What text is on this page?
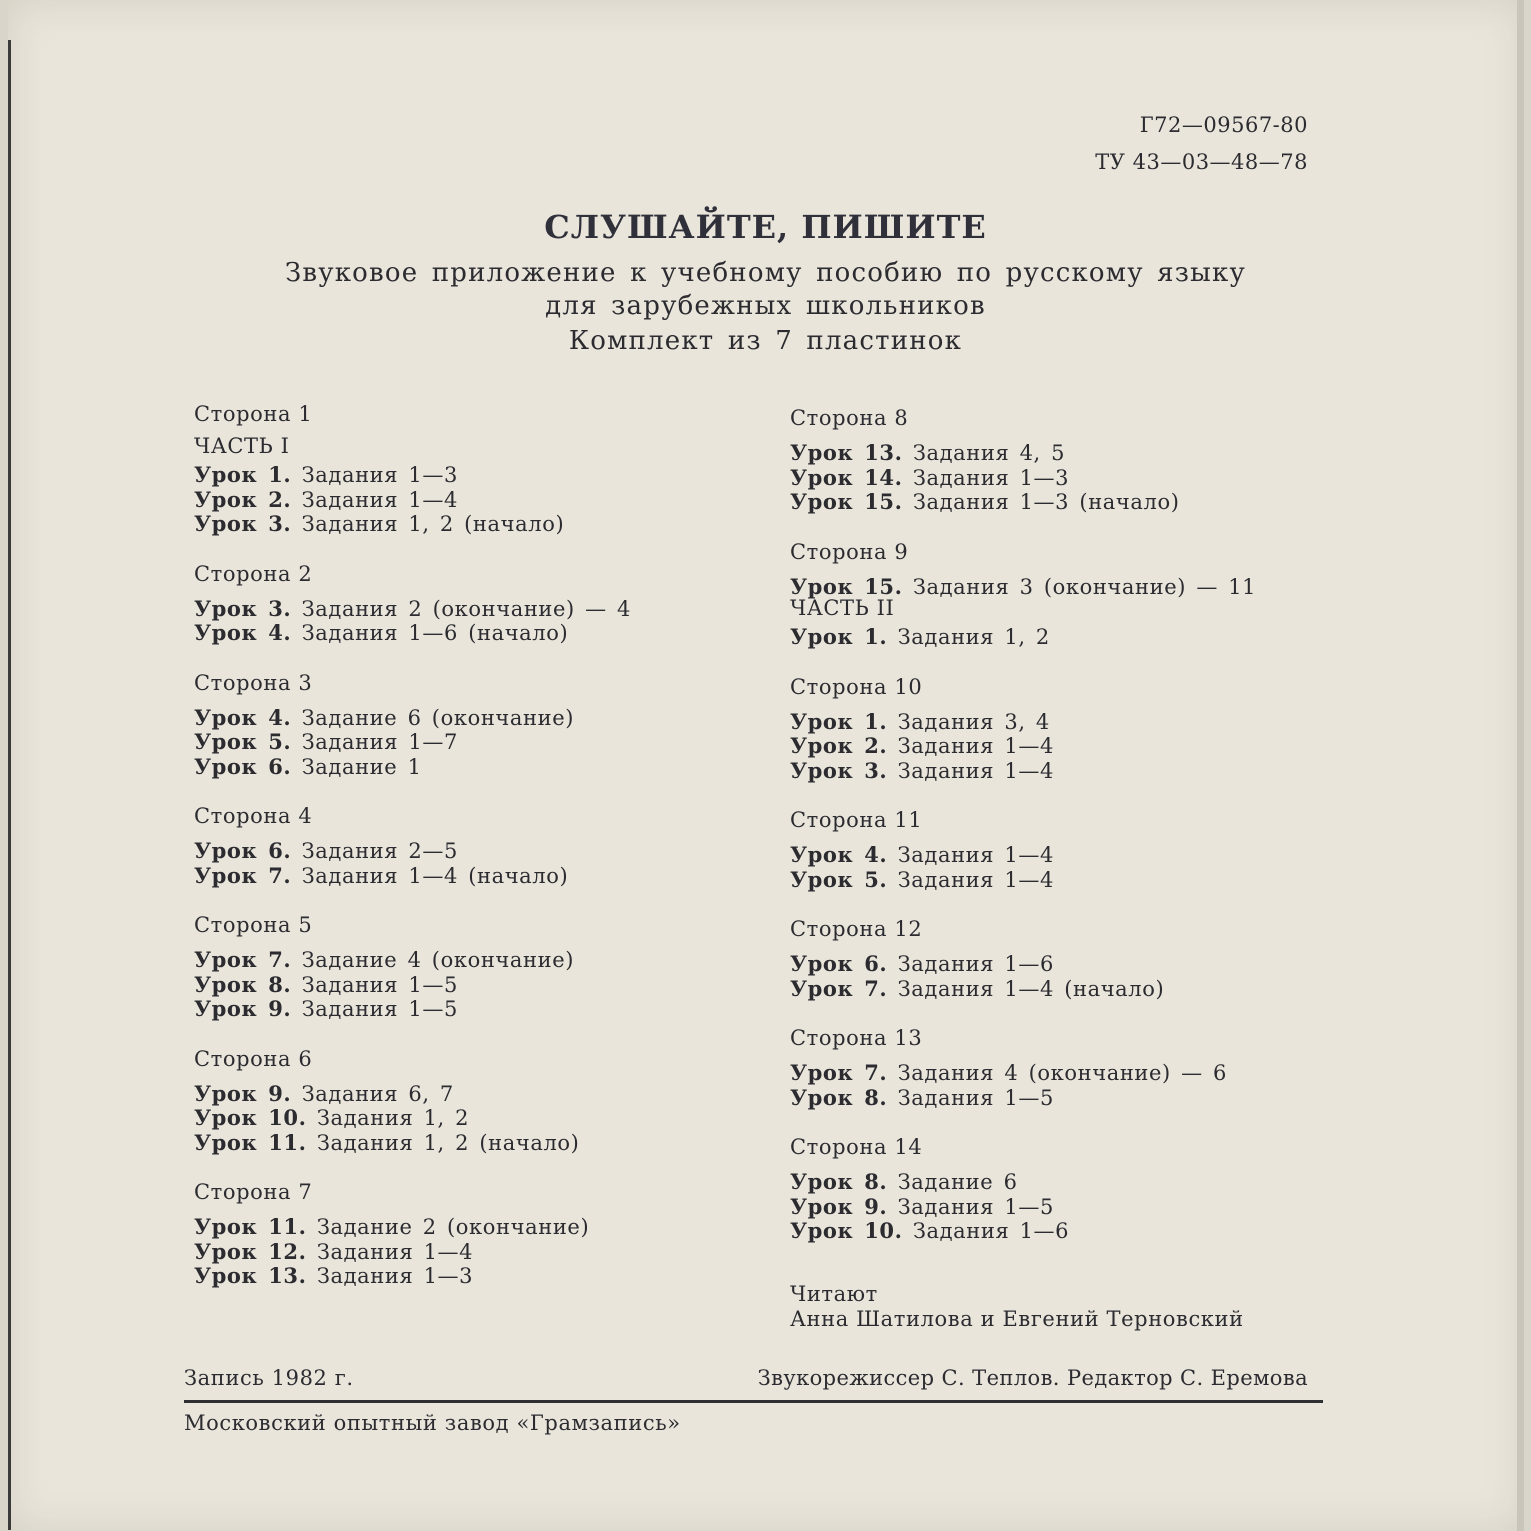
Г72—09567-80
ТУ 43—03—48—78
СЛУШАЙТЕ, ПИШИТЕ
Звуковое приложение к учебному пособию по русскому языку
для зарубежных школьников
Комплект из 7 пластинок
Сторона 1
ЧАСТЬ I
Урок 1. Задания 1—3
Урок 2. Задания 1—4
Урок 3. Задания 1, 2 (начало)
Сторона 2
Урок 3. Задания 2 (окончание) — 4
Урок 4. Задания 1—6 (начало)
Сторона 3
Урок 4. Задание 6 (окончание)
Урок 5. Задания 1—7
Урок 6. Задание 1
Сторона 4
Урок 6. Задания 2—5
Урок 7. Задания 1—4 (начало)
Сторона 5
Урок 7. Задание 4 (окончание)
Урок 8. Задания 1—5
Урок 9. Задания 1—5
Сторона 6
Урок 9. Задания 6, 7
Урок 10. Задания 1, 2
Урок 11. Задания 1, 2 (начало)
Сторона 7
Урок 11. Задание 2 (окончание)
Урок 12. Задания 1—4
Урок 13. Задания 1—3
Сторона 8
Урок 13. Задания 4, 5
Урок 14. Задания 1—3
Урок 15. Задания 1—3 (начало)
Сторона 9
Урок 15. Задания 3 (окончание) — 11
ЧАСТЬ II
Урок 1. Задания 1, 2
Сторона 10
Урок 1. Задания 3, 4
Урок 2. Задания 1—4
Урок 3. Задания 1—4
Сторона 11
Урок 4. Задания 1—4
Урок 5. Задания 1—4
Сторона 12
Урок 6. Задания 1—6
Урок 7. Задания 1—4 (начало)
Сторона 13
Урок 7. Задания 4 (окончание) — 6
Урок 8. Задания 1—5
Сторона 14
Урок 8. Задание 6
Урок 9. Задания 1—5
Урок 10. Задания 1—6
Читают
Анна Шатилова и Евгений Терновский
Запись 1982 г.	Звукорежиссер С. Теплов. Редактор С. Еремова
Московский опытный завод «Грамзапись»
